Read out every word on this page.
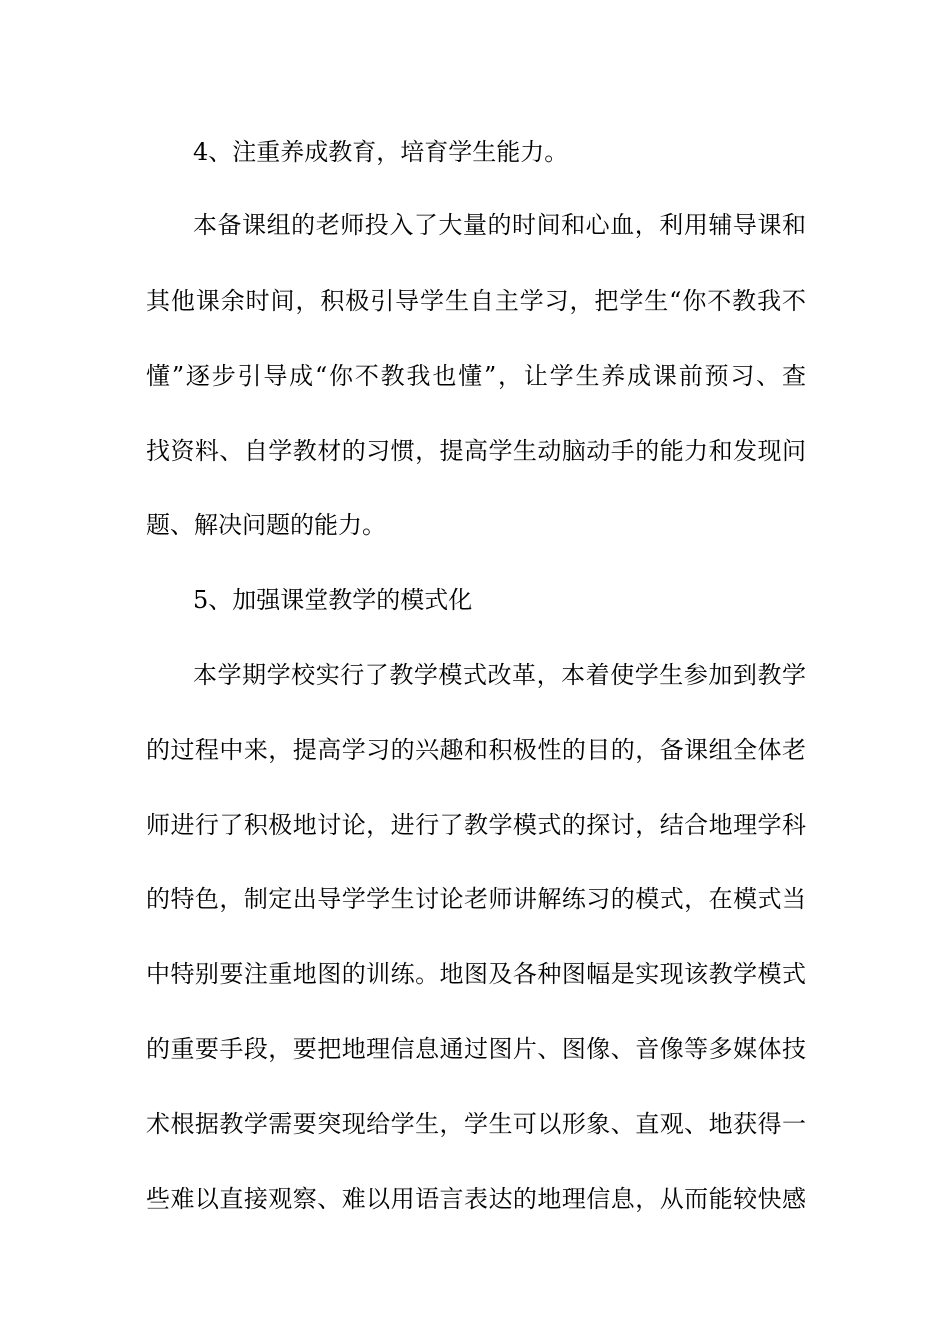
4、注重养成教育，培育学生能力。
本备课组的老师投入了大量的时间和心血，利用辅导课和
其他课余时间，积极引导学生自主学习，把学生“你不教我不
懂”逐步引导成“你不教我也懂”，让学生养成课前预习、查
找资料、自学教材的习惯，提高学生动脑动手的能力和发现问
题、解决问题的能力。
5、加强课堂教学的模式化
本学期学校实行了教学模式改革，本着使学生参加到教学
的过程中来，提高学习的兴趣和积极性的目的，备课组全体老
师进行了积极地讨论，进行了教学模式的探讨，结合地理学科
的特色，制定出导学学生讨论老师讲解练习的模式，在模式当
中特别要注重地图的训练。地图及各种图幅是实现该教学模式
的重要手段，要把地理信息通过图片、图像、音像等多媒体技
术根据教学需要突现给学生，学生可以形象、直观、地获得一
些难以直接观察、难以用语言表达的地理信息，从而能较快感
